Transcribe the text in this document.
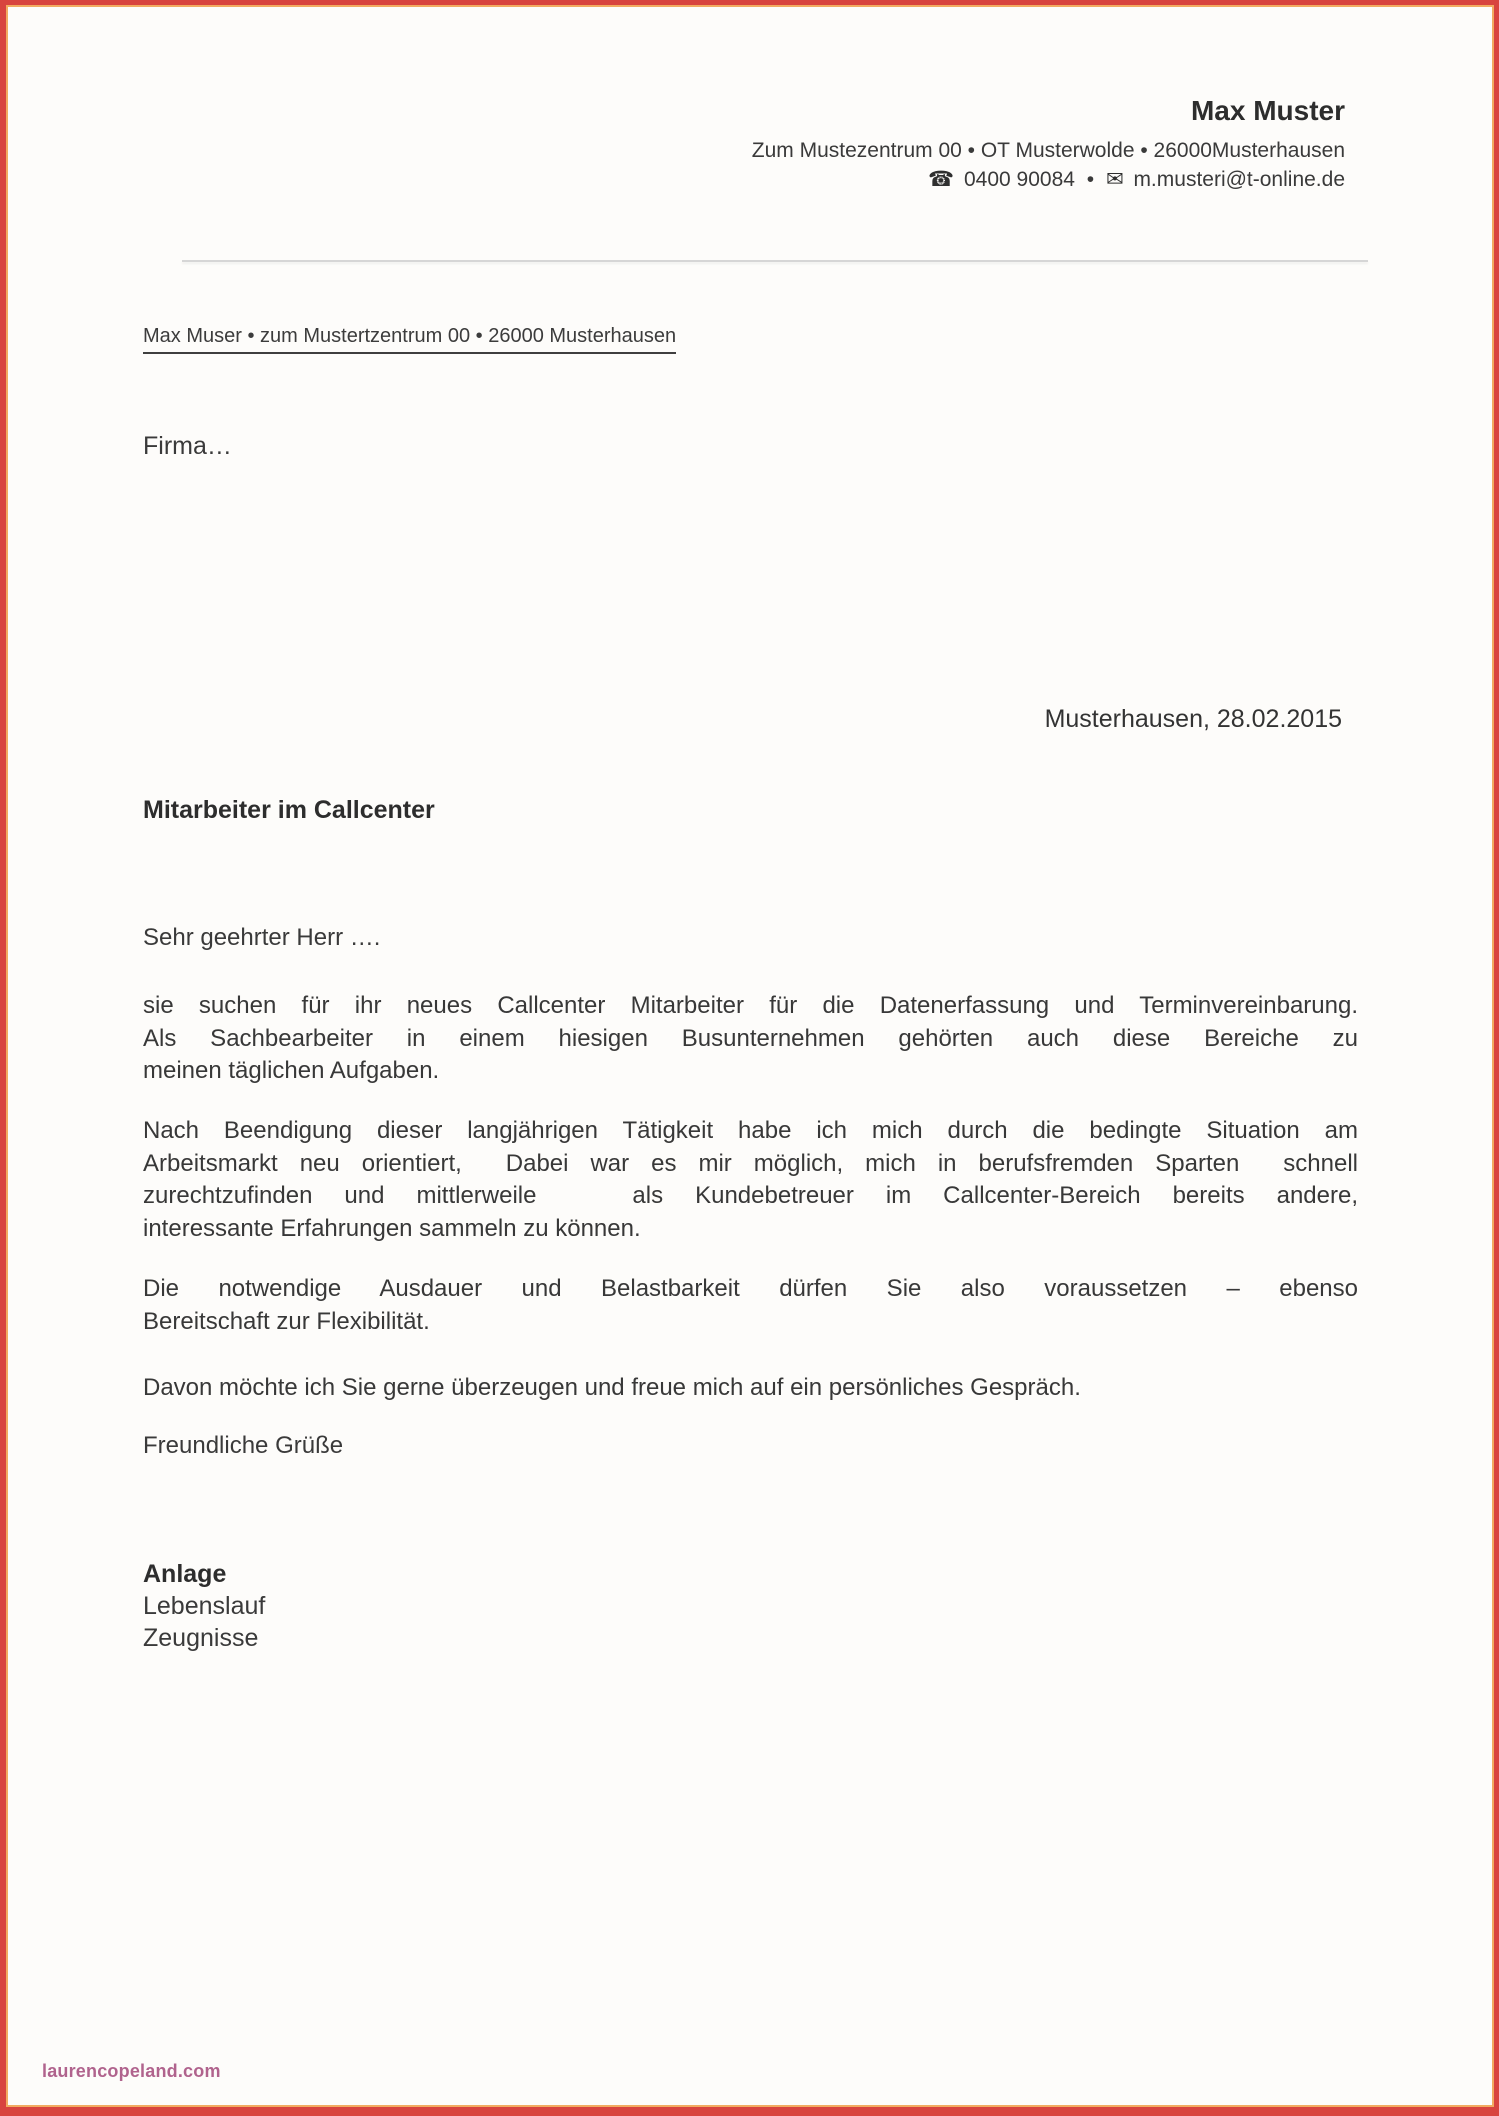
Max Muster
Zum Mustezentrum 00 • OT Musterwolde • 26000Musterhausen
☎ 0400 90084 • ✉ m.musteri@t-online.de
Max Muser • zum Mustertzentrum 00 • 26000 Musterhausen
Firma…
Musterhausen, 28.02.2015
Mitarbeiter im Callcenter
Sehr geehrter Herr ….
sie suchen für ihr neues Callcenter Mitarbeiter für die Datenerfassung und Terminvereinbarung.
Als Sachbearbeiter in einem hiesigen Busunternehmen gehörten auch diese Bereiche zu
meinen täglichen Aufgaben.
Nach Beendigung dieser langjährigen Tätigkeit habe ich mich durch die bedingte Situation am
Arbeitsmarkt neu orientiert,  Dabei war es mir möglich, mich in berufsfremden Sparten  schnell
zurechtzufinden und mittlerweile   als Kundebetreuer im Callcenter-Bereich bereits andere,
interessante Erfahrungen sammeln zu können.
Die notwendige Ausdauer und Belastbarkeit dürfen Sie also voraussetzen – ebenso
Bereitschaft zur Flexibilität.
Davon möchte ich Sie gerne überzeugen und freue mich auf ein persönliches Gespräch.
Freundliche Grüße
Anlage
Lebenslauf
Zeugnisse
laurencopeland.com
